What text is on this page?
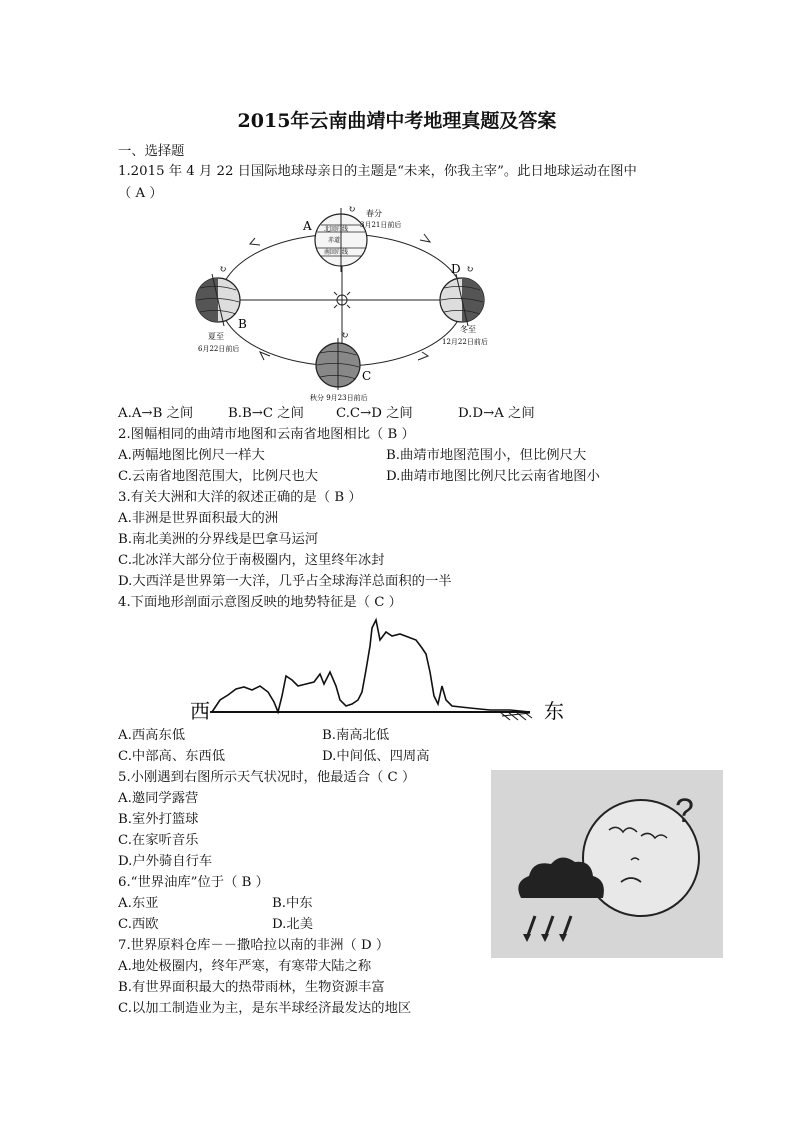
2015年云南曲靖中考地理真题及答案
一、选择题
1.2015 年 4 月 22 日国际地球母亲日的主题是“未来，你我主宰”。此日地球运动在图中
（ A ）
↻
北回归线
赤道
南回归线
A
春分
3月21日前后
↻
B
夏至
6月22日前后
↻
D
冬至
12月22日前后
↻
C
秋分 9月23日前后
A.A→B 之间	B.B→C 之间 C.C→D 之间	D.D→A 之间
2.图幅相同的曲靖市地图和云南省地图相比（ B ）
A.两幅地图比例尺一样大	B.曲靖市地图范围小，但比例尺大
C.云南省地图范围大，比例尺也大	D.曲靖市地图比例尺比云南省地图小
3.有关大洲和大洋的叙述正确的是（ B ）
A.非洲是世界面积最大的洲
B.南北美洲的分界线是巴拿马运河
C.北冰洋大部分位于南极圈内，这里终年冰封
D.大西洋是世界第一大洋，几乎占全球海洋总面积的一半
4.下面地形剖面示意图反映的地势特征是（ C ）
西	东
A.西高东低	B.南高北低
C.中部高、东西低	D.中间低、四周高
5.小刚遇到右图所示天气状况时，他最适合（ C ）
A.邀同学露营
B.室外打篮球
C.在家听音乐
D.户外骑自行车
?
6.“世界油库”位于（ B ）
A.东亚	B.中东
C.西欧	D.北美
7.世界原料仓库－－撒哈拉以南的非洲（ D ）
A.地处极圈内，终年严寒，有寒带大陆之称
B.有世界面积最大的热带雨林，生物资源丰富
C.以加工制造业为主，是东半球经济最发达的地区
